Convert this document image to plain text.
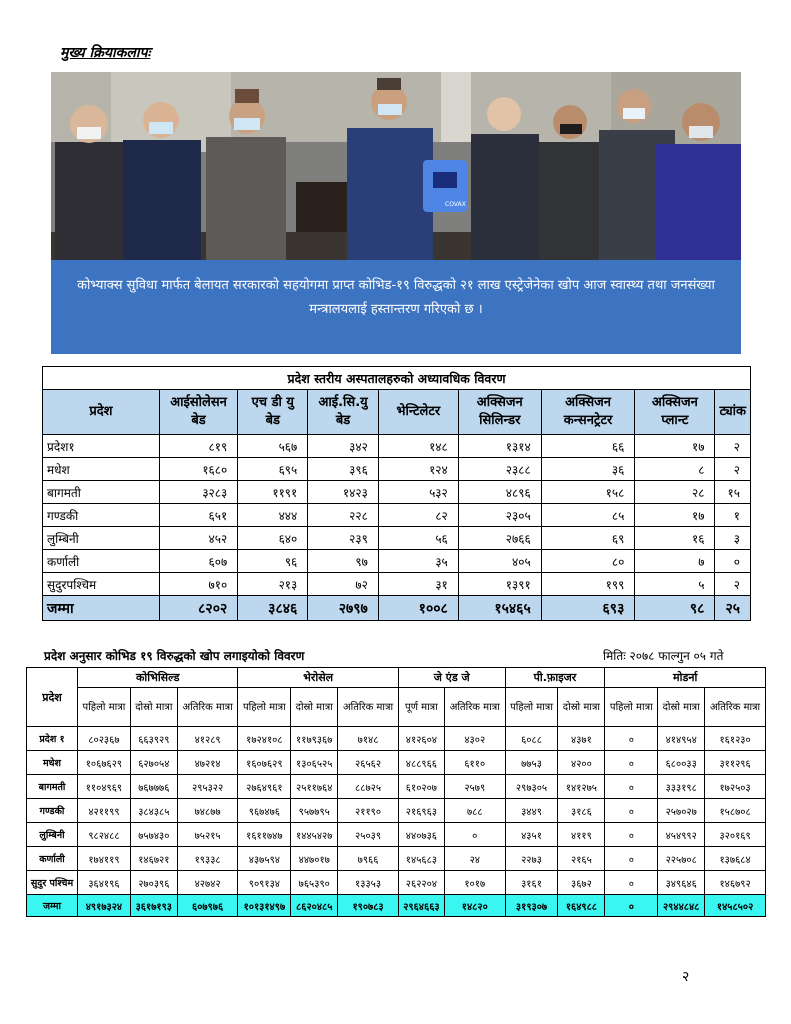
मुख्य क्रियाकलापः
COVAX
कोभ्याक्स सुविधा मार्फत बेलायत सरकारको सहयोगमा प्राप्त कोभिड-१९ विरुद्धको २१ लाख एस्ट्रेजेनेका खोप आज स्वास्थ्य तथा जनसंख्या मन्त्रालयलाई हस्तान्तरण गरिएको छ ।
प्रदेश स्तरीय अस्पतालहरुको अध्यावधिक विवरण								
प्रदेश	आईसोलेसन बेड	एच डी यु बेड	आई.सि.यु बेड	भेन्टिलेटर	अक्सिजन सिलिन्डर	अक्सिजन कन्सनट्रेटर	अक्सिजन प्लान्ट	ट्यांक
प्रदेश१	८१९	५६७	३४२	१४८	१३१४	६६	१७	२
मधेश	१६८०	६९५	३९६	१२४	२३८८	३६	८	२
बागमती	३२८३	११९१	१४२३	५३२	४८९६	१५८	२८	१५
गण्डकी	६५१	४४४	२२८	८२	२३०५	८५	१७	१
लुम्बिनी	४५२	६४०	२३९	५६	२७६६	६९	१६	३
कर्णाली	६०७	९६	९७	३५	४०५	८०	७	०
सुदुरपश्चिम	७१०	२१३	७२	३१	१३९१	१९९	५	२
जम्मा	८२०२	३८४६	२७९७	१००८	१५४६५	६९३	९८	२५
प्रदेश अनुसार कोभिड १९ विरुद्धको खोप लगाइयोको विवरण	मितिः २०७८ फाल्गुन ०५ गते
प्रदेश	कोभिसिल्ड			भेरोसेल			जे एंड जे		पी.फ़ाइजर		मोडर्ना		
	पहिलो मात्रा	दोस्रो मात्रा	अतिरिक मात्रा	पहिलो मात्रा	दोस्रो मात्रा	अतिरिक मात्रा	पूर्ण मात्रा	अतिरिक मात्रा	पहिलो मात्रा	दोस्रो मात्रा	पहिलो मात्रा	दोस्रो मात्रा	अतिरिक मात्रा
प्रदेश १	८०२३६७	६६३९२९	४१२८९	१७२४१०८	११७९३६७	७१४८	४१२६०४	४३०२	६०८८	४३७१	०	४१४९५४	१६१२३०
मधेश	१०६७६२९	६२७०५४	४७२१४	१६०७६२९	१३०६५२५	२६५६२	४८८९६६	६११०	७७५३	४२००	०	६८००३३	३११२९६
बागमती	११०४९६९	७६७७७६	२९५३२२	२७६४९६१	२५११७६४	८८७२५	६१०२०७	२५७९	२९७३०५	१४१२७५	०	३३३१९८	१७२५०३
गण्डकी	४२११९९	३८४३८५	७४८७७	९६७४७६	९५७७९५	२११९०	२१६९६३	७८८	३४४९	३१८६	०	२५७०२७	१५८७०८
लुम्बिनी	९८२४८८	७५७४३०	७५२१५	१६११७४७	१४४५४२७	२५०३९	४४०७३६	०	४३५१	४११९	०	४५४९९२	३२०१६९
कर्णाली	१७४११९	१४६७२१	१९३३८	४३७५९४	४४७०१७	७९६६	१४५६८३	२४	२२७३	२१६५	०	२२५७०८	१३७६८४
सुदुर पश्चिम	३६४१९६	२७०३९६	४२७४२	९०९१३४	७६५३९०	१३३५३	२६२२०४	१०१७	३१६१	३६७२	०	३४९६४६	१४६७९२
जम्मा	४९१७३२४	३६१७१९३	६०७९७६	१०१३१४९७	८६२०४८५	१९०७८३	२९६४६६३	१४८२०	३१९३०७	१६४९८८	०	२९४४८४८	१४५८५०२
२
